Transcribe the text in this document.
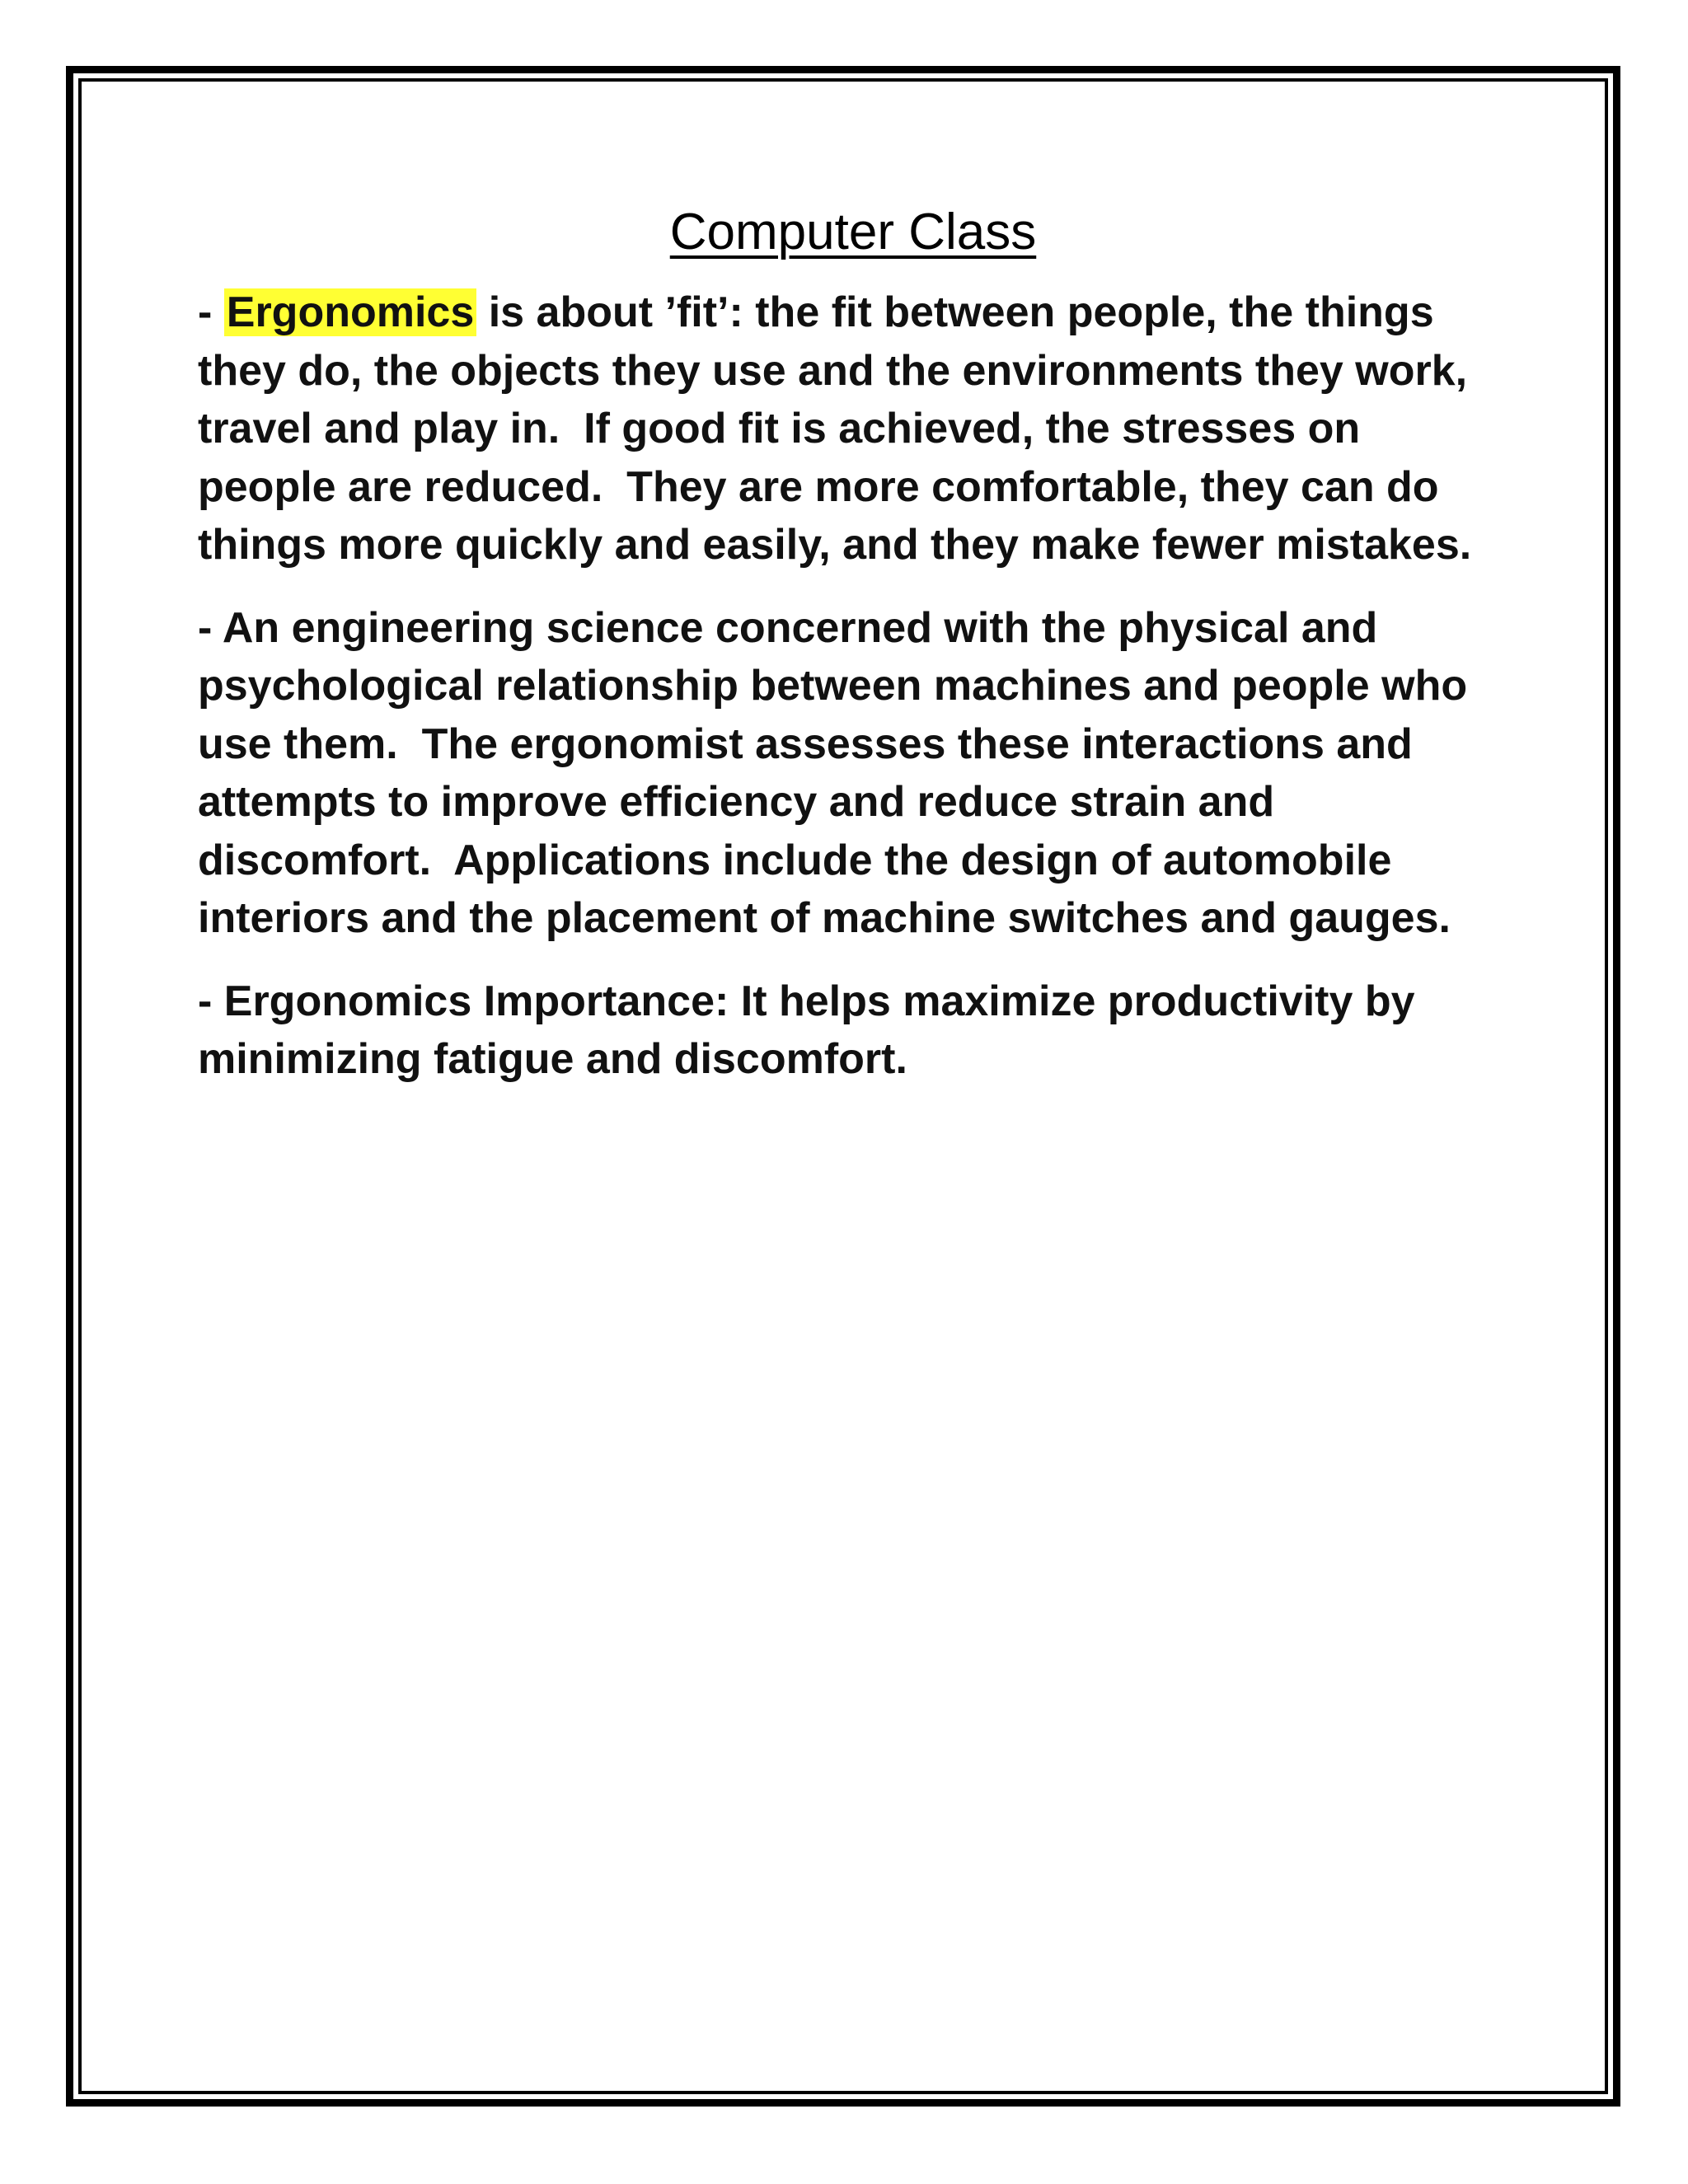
Computer Class

- Ergonomics is about ’fit’: the fit between people, the things they do, the objects they use and the environments they work, travel and play in.  If good fit is achieved, the stresses on people are reduced.  They are more comfortable, they can do things more quickly and easily, and they make fewer mistakes.

- An engineering science concerned with the physical and psychological relationship between machines and people who use them.  The ergonomist assesses these interactions and attempts to improve efficiency and reduce strain and discomfort.  Applications include the design of automobile interiors and the placement of machine switches and gauges.

- Ergonomics Importance: It helps maximize productivity by minimizing fatigue and discomfort.
